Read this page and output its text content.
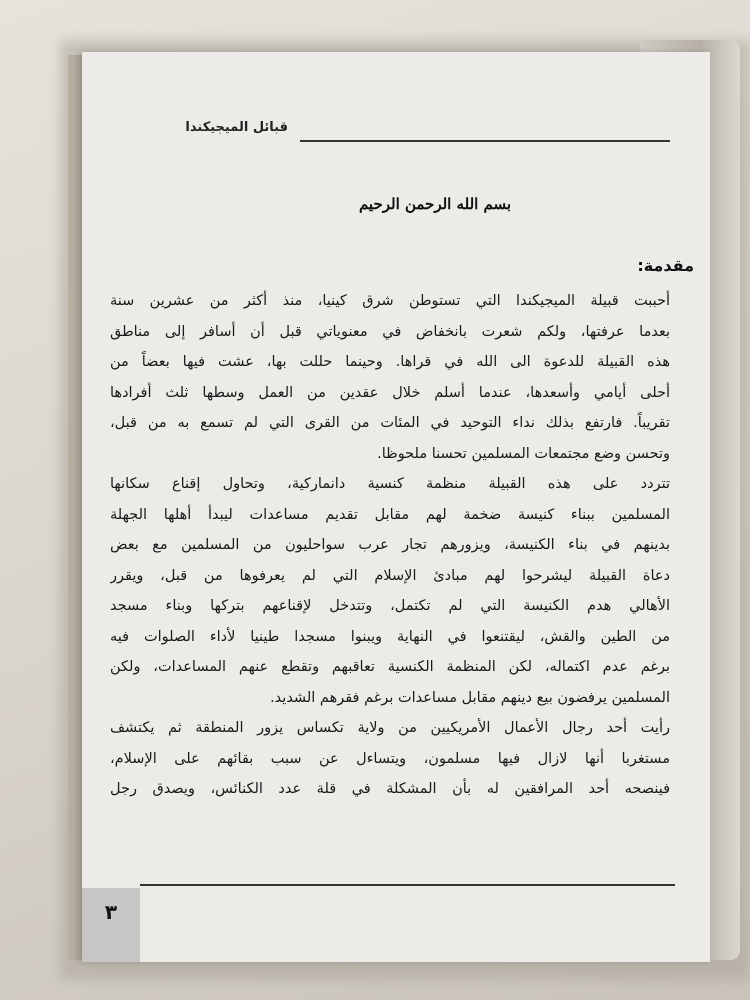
قبائل الميجيكندا
بسم الله الرحمن الرحيم
مقدمة:
أحببت قبيلة الميجيكندا التي تستوطن شرق كينيا، منذ أكثر من عشرين سنة
بعدما عرفتها، ولكم شعرت بانخفاض في معنوياتي قبل أن أسافر إلى مناطق
هذه القبيلة للدعوة الى الله في قراها. وحينما حللت بها، عشت فيها بعضاً من
أحلى أيامي وأسعدها، عندما أسلم خلال عقدين من العمل وسطها ثلث أفرادها
تقريباً. فارتفع بذلك نداء التوحيد في المئات من القرى التي لم تسمع به من قبل،
وتحسن وضع مجتمعات المسلمين تحسنا ملحوظا.
تتردد على هذه القبيلة منظمة كنسية دانماركية، وتحاول إقناع سكانها
المسلمين ببناء كنيسة ضخمة لهم مقابل تقديم مساعدات ليبدأ أهلها الجهلة
بدينهم في بناء الكنيسة، ويزورهم تجار عرب سواحليون من المسلمين مع بعض
دعاة القبيلة ليشرحوا لهم مبادئ الإسلام التي لم يعرفوها من قبل، ويقرر
الأهالي هدم الكنيسة التي لم تكتمل، وتتدخل لإقناعهم بتركها وبناء مسجد
من الطين والقش، ليقتنعوا في النهاية ويبنوا مسجدا طينيا لأداء الصلوات فيه
برغم عدم اكتماله، لكن المنظمة الكنسية تعاقبهم وتقطع عنهم المساعدات، ولكن
المسلمين يرفضون بيع دينهم مقابل مساعدات برغم فقرهم الشديد.
رأيت أحد رجال الأعمال الأمريكيين من ولاية تكساس يزور المنطقة ثم يكتشف
مستغربا أنها لازال فيها مسلمون، ويتساءل عن سبب بقائهم على الإسلام،
فينصحه أحد المرافقين له بأن المشكلة في قلة عدد الكنائس، ويصدق رجل
٣
